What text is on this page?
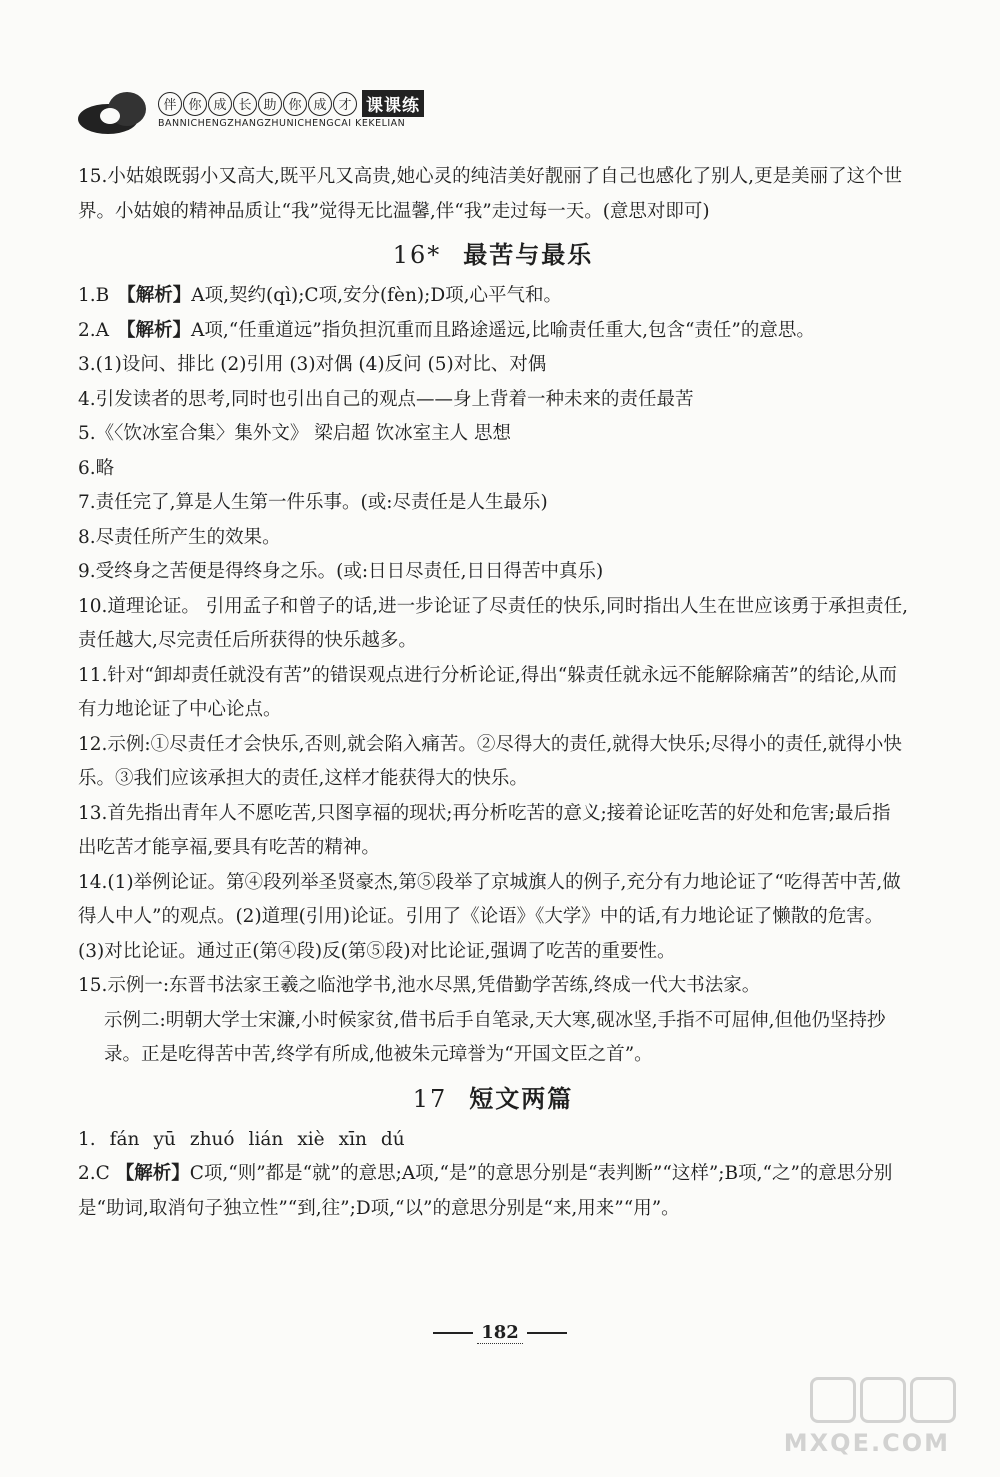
伴 你 成 长 助 你 成 才 课课练
BANNICHENGZHANGZHUNICHENGCAI KEKELIAN
15.小姑娘既弱小又高大,既平凡又高贵,她心灵的纯洁美好靓丽了自己也感化了别人,更是美丽了这个世界。小姑娘的精神品质让“我”觉得无比温馨,伴“我”走过每一天。(意思对即可)
16* 最苦与最乐
1.B 【解析】A项,契约(qì);C项,安分(fèn);D项,心平气和。
2.A 【解析】A项,“任重道远”指负担沉重而且路途遥远,比喻责任重大,包含“责任”的意思。
3.(1)设问、排比 (2)引用 (3)对偶 (4)反问 (5)对比、对偶
4.引发读者的思考,同时也引出自己的观点——身上背着一种未来的责任最苦
5.《〈饮冰室合集〉集外文》 梁启超 饮冰室主人 思想
6.略
7.责任完了,算是人生第一件乐事。(或:尽责任是人生最乐)
8.尽责任所产生的效果。
9.受终身之苦便是得终身之乐。(或:日日尽责任,日日得苦中真乐)
10.道理论证。 引用孟子和曾子的话,进一步论证了尽责任的快乐,同时指出人生在世应该勇于承担责任,责任越大,尽完责任后所获得的快乐越多。
11.针对“卸却责任就没有苦”的错误观点进行分析论证,得出“躲责任就永远不能解除痛苦”的结论,从而有力地论证了中心论点。
12.示例:①尽责任才会快乐,否则,就会陷入痛苦。②尽得大的责任,就得大快乐;尽得小的责任,就得小快乐。③我们应该承担大的责任,这样才能获得大的快乐。
13.首先指出青年人不愿吃苦,只图享福的现状;再分析吃苦的意义;接着论证吃苦的好处和危害;最后指出吃苦才能享福,要具有吃苦的精神。
14.(1)举例论证。第④段列举圣贤豪杰,第⑤段举了京城旗人的例子,充分有力地论证了“吃得苦中苦,做得人中人”的观点。(2)道理(引用)论证。引用了《论语》《大学》中的话,有力地论证了懒散的危害。(3)对比论证。通过正(第④段)反(第⑤段)对比论证,强调了吃苦的重要性。
15.示例一:东晋书法家王羲之临池学书,池水尽黑,凭借勤学苦练,终成一代大书法家。
示例二:明朝大学士宋濂,小时候家贫,借书后手自笔录,天大寒,砚冰坚,手指不可屈伸,但他仍坚持抄录。正是吃得苦中苦,终学有所成,他被朱元璋誉为“开国文臣之首”。
17 短文两篇
1. fán yū zhuó lián xiè xīn dú
2.C 【解析】C项,“则”都是“就”的意思;A项,“是”的意思分别是“表判断”“这样”;B项,“之”的意思分别是“助词,取消句子独立性”“到,往”;D项,“以”的意思分别是“来,用来”“用”。
182
MXQE.COM
